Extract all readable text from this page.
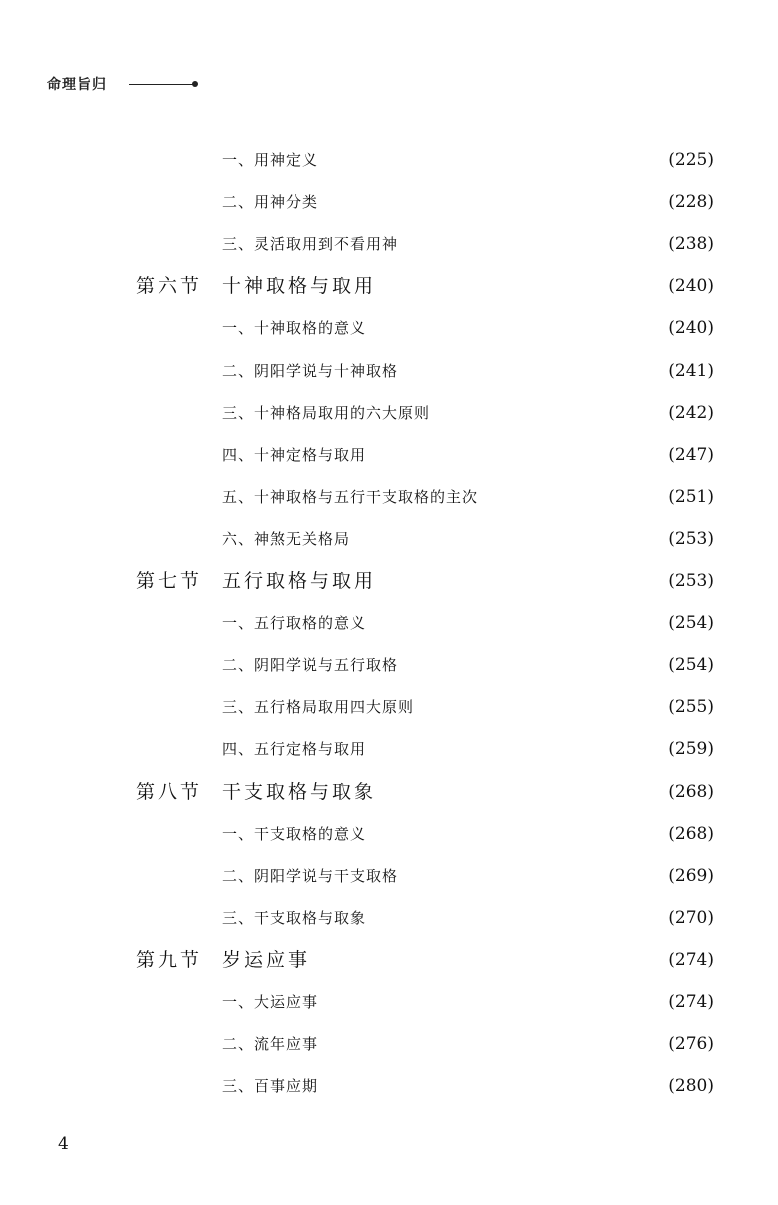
命理旨归
一、用神定义	(225)
二、用神分类	(228)
三、灵活取用到不看用神	(238)
第六节 十神取格与取用	(240)
一、十神取格的意义	(240)
二、阴阳学说与十神取格	(241)
三、十神格局取用的六大原则	(242)
四、十神定格与取用	(247)
五、十神取格与五行干支取格的主次	(251)
六、神煞无关格局	(253)
第七节 五行取格与取用	(253)
一、五行取格的意义	(254)
二、阴阳学说与五行取格	(254)
三、五行格局取用四大原则	(255)
四、五行定格与取用	(259)
第八节 干支取格与取象	(268)
一、干支取格的意义	(268)
二、阴阳学说与干支取格	(269)
三、干支取格与取象	(270)
第九节 岁运应事	(274)
一、大运应事	(274)
二、流年应事	(276)
三、百事应期	(280)
4
